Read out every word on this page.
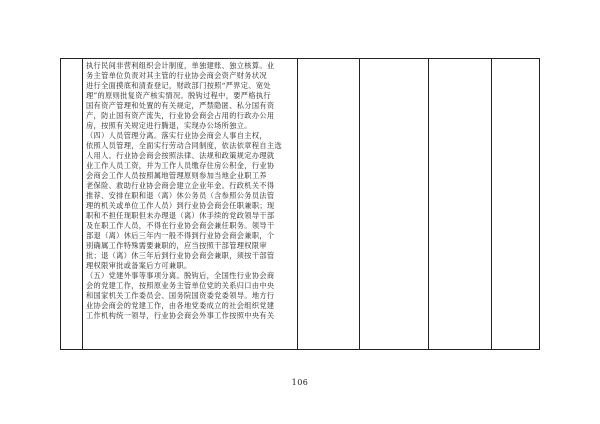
执行民间非营利组织会计制度，单独建账、独立核算。业
务主管单位负责对其主管的行业协会商会资产财务状况
进行全面摸底和清查登记，财政部门按照“严界定、宽处
理”的原则批复资产核实情况。脱钩过程中，要严格执行
国有资产管理和处置的有关规定，严禁隐匿、私分国有资
产，防止国有资产流失，行业协会商会占用的行政办公用
房，按照有关规定进行腾退，实现办公场所独立。
（四）人员管理分离。落实行业协会商会人事自主权，
依照人员管理，全面实行劳动合同制度，依法依章程自主选
人用人。行业协会商会按照法律、法规和政策规定办理就
业工作人员工资，并为工作人员缴存住房公积金，行业协
会商会工作人员按照属地管理原则参加当地企业职工养
老保险、救助行业协会商会建立企业年金。行政机关不得
推荐、安排在职和退（离）休公务员（含参照公务员法管
理的机关或单位工作人员）到行业协会商会任职兼职；现
职和不担任现职但未办理退（离）休手续的党政领导干部
及在职工作人员，不得在行业协会商会兼任职务。领导干
部退（离）休后三年内一般不得到行业协会商会兼职，个
别确属工作特殊需要兼职的，应当按照干部管理权限审
批；退（离）休三年后到行业协会商会兼职，须按干部管
理权限审批或备案后方可兼职。
（五）党建外事等事项分离。脱钩后，全国性行业协会商
会的党建工作，按照原业务主管单位党的关系归口由中央
和国家机关工作委员会、国务院国资委党委领导。地方行
业协会商会的党建工作，由各地党委成立的社会组织党建
工作机构统一领导，行业协会商会外事工作按照中央有关
106
